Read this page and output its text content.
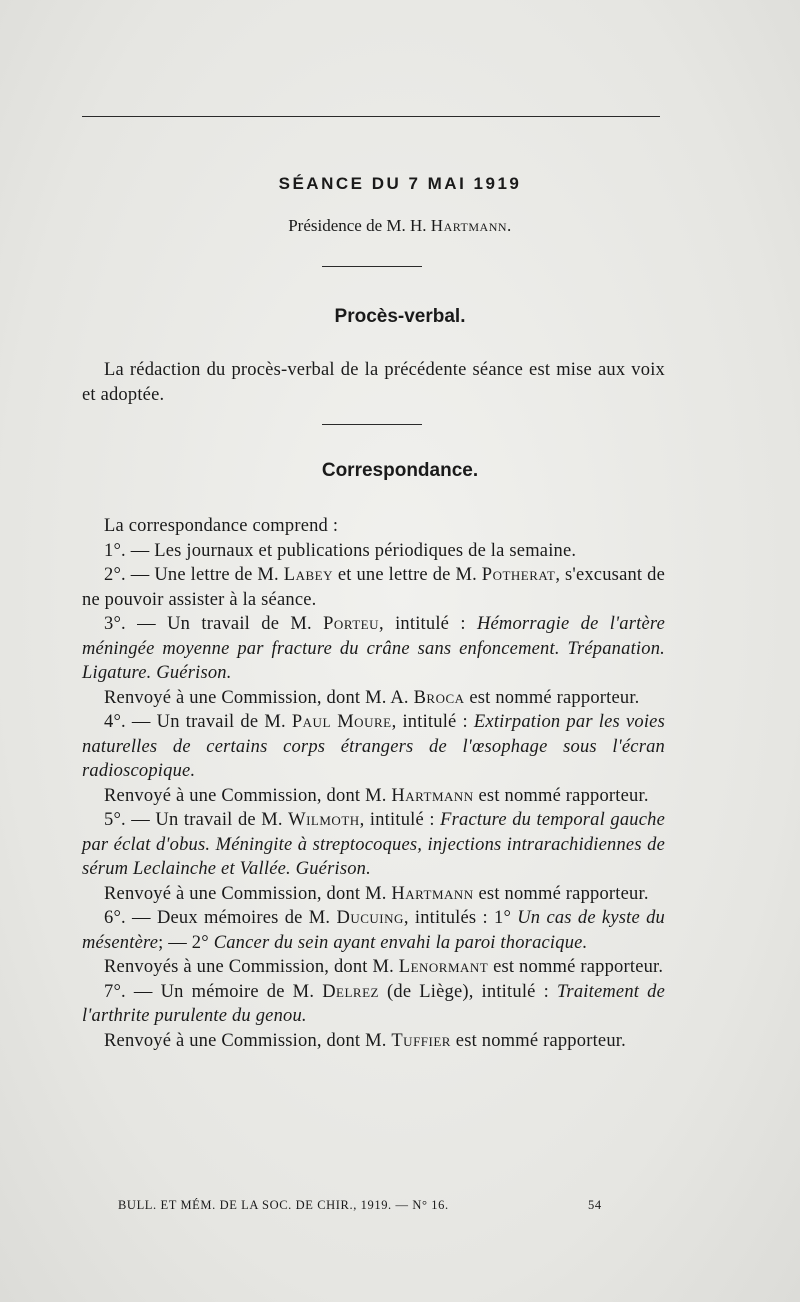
SÉANCE DU 7 MAI 1919
Présidence de M. H. Hartmann.
Procès-verbal.

La rédaction du procès-verbal de la précédente séance est mise aux voix et adoptée.

Correspondance.

La correspondance comprend :

1°. — Les journaux et publications périodiques de la semaine.

2°. — Une lettre de M. Labey et une lettre de M. Potherat, s'excusant de ne pouvoir assister à la séance.

3°. — Un travail de M. Porteu, intitulé : Hémorragie de l'artère méningée moyenne par fracture du crâne sans enfoncement. Trépanation. Ligature. Guérison.

Renvoyé à une Commission, dont M. A. Broca est nommé rapporteur.

4°. — Un travail de M. Paul Moure, intitulé : Extirpation par les voies naturelles de certains corps étrangers de l'œsophage sous l'écran radioscopique.

Renvoyé à une Commission, dont M. Hartmann est nommé rapporteur.

5°. — Un travail de M. Wilmoth, intitulé : Fracture du temporal gauche par éclat d'obus. Méningite à streptocoques, injections intrarachidiennes de sérum Leclainche et Vallée. Guérison.

Renvoyé à une Commission, dont M. Hartmann est nommé rapporteur.

6°. — Deux mémoires de M. Ducuing, intitulés : 1° Un cas de kyste du mésentère; — 2° Cancer du sein ayant envahi la paroi thoracique.

Renvoyés à une Commission, dont M. Lenormant est nommé rapporteur.

7°. — Un mémoire de M. Delrez (de Liège), intitulé : Traitement de l'arthrite purulente du genou.

Renvoyé à une Commission, dont M. Tuffier est nommé rapporteur.

BULL. ET MÉM. DE LA SOC. DE CHIR., 1919. — N° 16.	54
